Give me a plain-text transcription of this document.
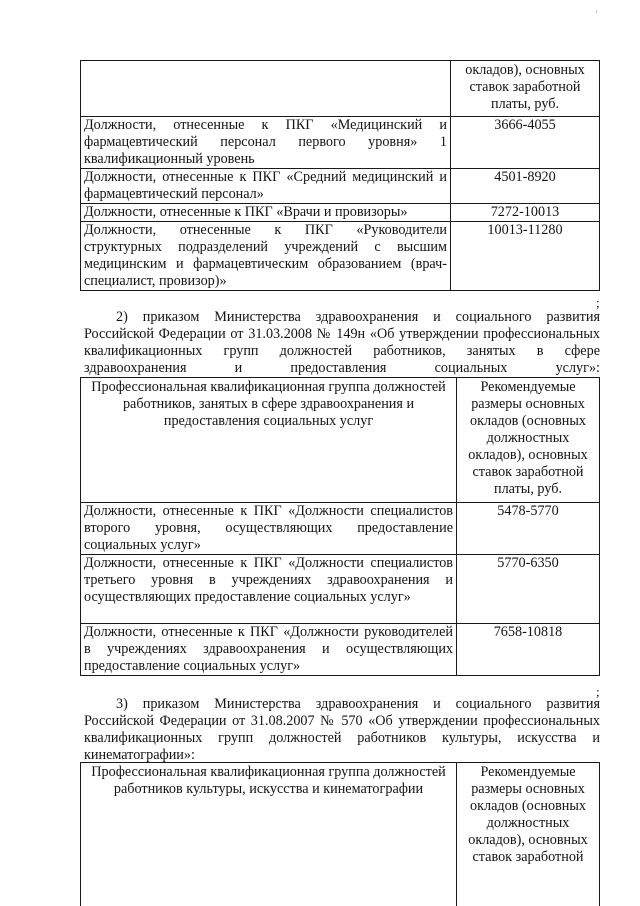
'
	окладов), основных ставок заработной платы, руб.
Должности, отнесенные к ПКГ «Медицинский и фармацевтический персонал первого уровня» 1 квалификационный уровень	3666-4055
Должности, отнесенные к ПКГ «Средний медицинский и фармацевтический персонал»	4501-8920
Должности, отнесенные к ПКГ «Врачи и провизоры»	7272-10013
Должности, отнесенные к ПКГ «Руководители структурных подразделений учреждений с высшим медицинским и фармацевтическим образованием (врач-специалист, провизор)»	10013-11280
;
2) приказом Министерства здравоохранения и социального развития Российской Федерации от 31.03.2008 № 149н «Об утверждении профессиональных квалификационных групп должностей работников, занятых в сфере здравоохранения и предоставления социальных услуг»:
Профессиональная квалификационная группа должностей работников, занятых в сфере здравоохранения и предоставления социальных услуг	Рекомендуемые размеры основных окладов (основных должностных окладов), основных ставок заработной платы, руб.
Должности, отнесенные к ПКГ «Должности специалистов второго уровня, осуществляющих предоставление социальных услуг»	5478-5770
Должности, отнесенные к ПКГ «Должности специалистов третьего уровня в учреждениях здравоохранения и осуществляющих предоставление социальных услуг»	5770-6350
Должности, отнесенные к ПКГ «Должности руководителей в учреждениях здравоохранения и осуществляющих предоставление социальных услуг»	7658-10818
;
3) приказом Министерства здравоохранения и социального развития Российской Федерации от 31.08.2007 № 570 «Об утверждении профессиональных квалификационных групп должностей работников культуры, искусства и кинематографии»:
Профессиональная квалификационная группа должностей работников культуры, искусства и кинематографии	Рекомендуемые размеры основных окладов (основных должностных окладов), основных ставок заработной
